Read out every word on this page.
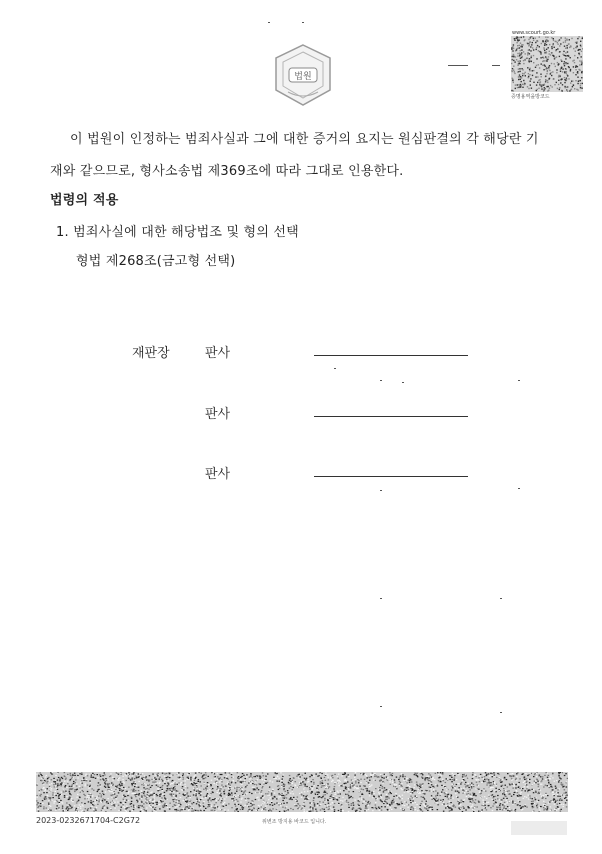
법원
www.scourt.go.kr
증명용역을방코드
이 법원이 인정하는 범죄사실과 그에 대한 증거의 요지는 원심판결의 각 해당란 기
재와 같으므로, 형사소송법 제369조에 따라 그대로 인용한다.
법령의 적용
1. 범죄사실에 대한 해당법조 및 형의 선택
형법 제268조(금고형 선택)
재판장	판사
판사
판사
2023-0232671704-C2G72	위변조 방지용 바코드 입니다.
